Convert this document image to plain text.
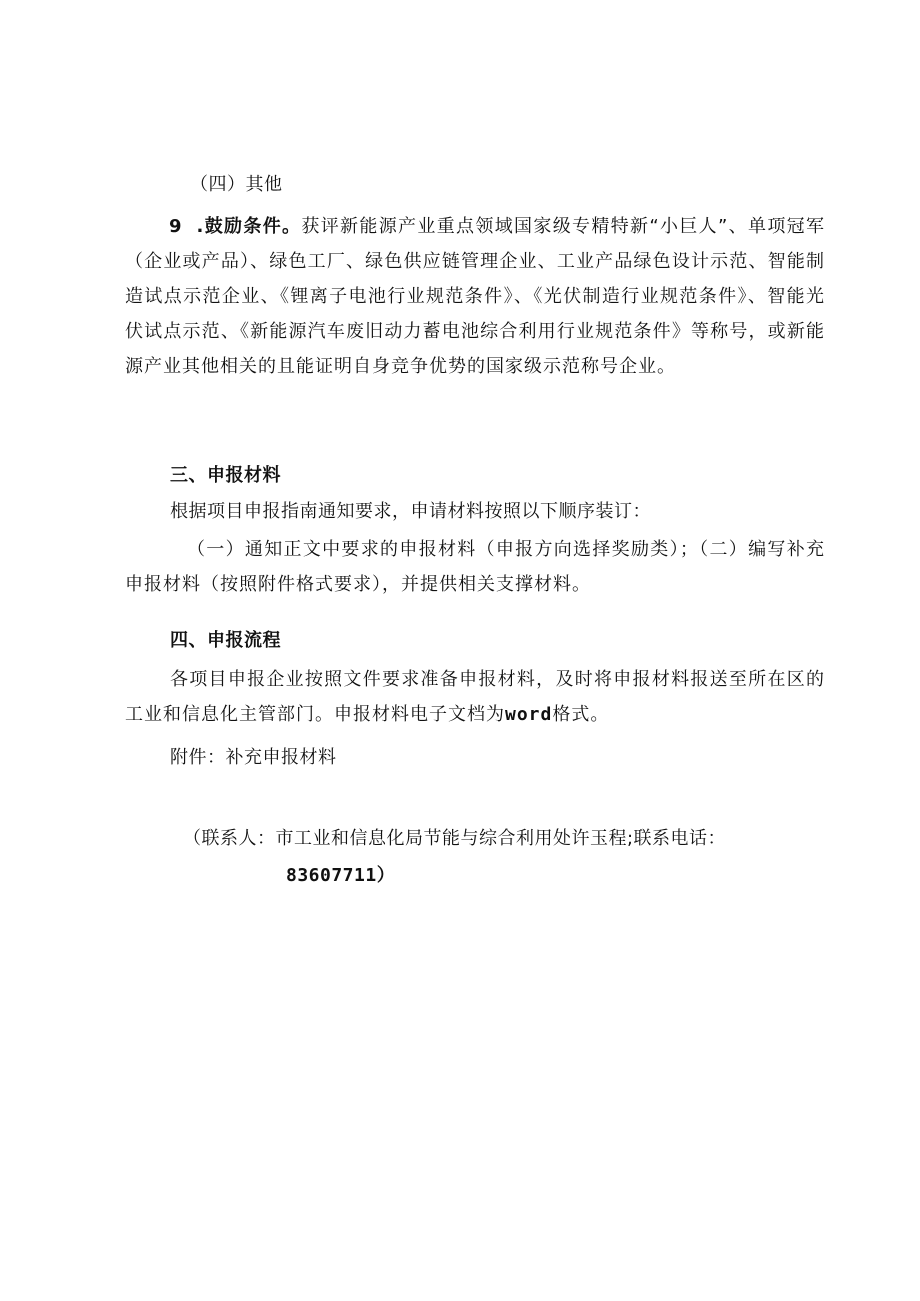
（四）其他
9 .鼓励条件。获评新能源产业重点领域国家级专精特新“小巨人”、单项冠军（企业或产品）、绿色工厂、绿色供应链管理企业、工业产品绿色设计示范、智能制造试点示范企业、《锂离子电池行业规范条件》、《光伏制造行业规范条件》、智能光伏试点示范、《新能源汽车废旧动力蓄电池综合利用行业规范条件》等称号，或新能源产业其他相关的且能证明自身竞争优势的国家级示范称号企业。
三、申报材料
根据项目申报指南通知要求，申请材料按照以下顺序装订：
（一）通知正文中要求的申报材料（申报方向选择奖励类）；（二）编写补充申报材料（按照附件格式要求），并提供相关支撑材料。
四、申报流程
各项目申报企业按照文件要求准备申报材料，及时将申报材料报送至所在区的工业和信息化主管部门。申报材料电子文档为word格式。
附件：补充申报材料
（联系人：市工业和信息化局节能与综合利用处许玉程;联系电话：
83607711）
